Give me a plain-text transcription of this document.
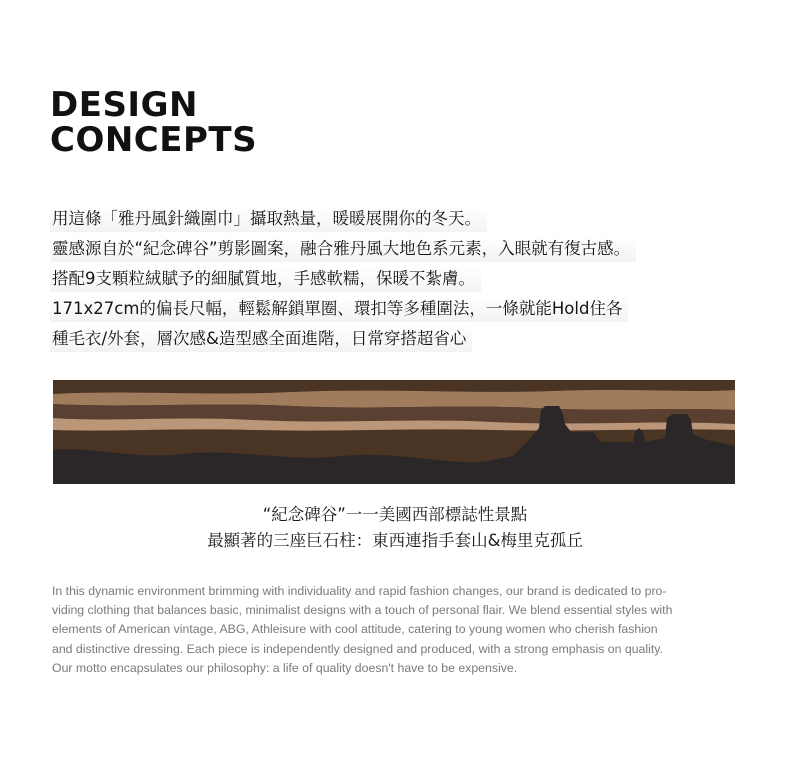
DESIGN
CONCEPTS
用這條「雅丹風針織圍巾」攝取熱量，暖暖展開你的冬天。
靈感源自於“紀念碑谷”剪影圖案，融合雅丹風大地色系元素，入眼就有復古感。
搭配9支顆粒絨賦予的細膩質地，手感軟糯，保暖不紮膚。
171x27cm的偏長尺幅，輕鬆解鎖單圈、環扣等多種圍法，一條就能Hold住各
種毛衣/外套，層次感&造型感全面進階，日常穿搭超省心
“紀念碑谷”一一美國西部標誌性景點
最顯著的三座巨石柱：東西連指手套山&梅里克孤丘
In this dynamic environment brimming with individuality and rapid fashion changes, our brand is dedicated to pro-
viding clothing that balances basic, minimalist designs with a touch of personal flair. We blend essential styles with
elements of American vintage, ABG, Athleisure with cool attitude, catering to young women who cherish fashion
and distinctive dressing. Each piece is independently designed and produced, with a strong emphasis on quality.
Our motto encapsulates our philosophy: a life of quality doesn't have to be expensive.
